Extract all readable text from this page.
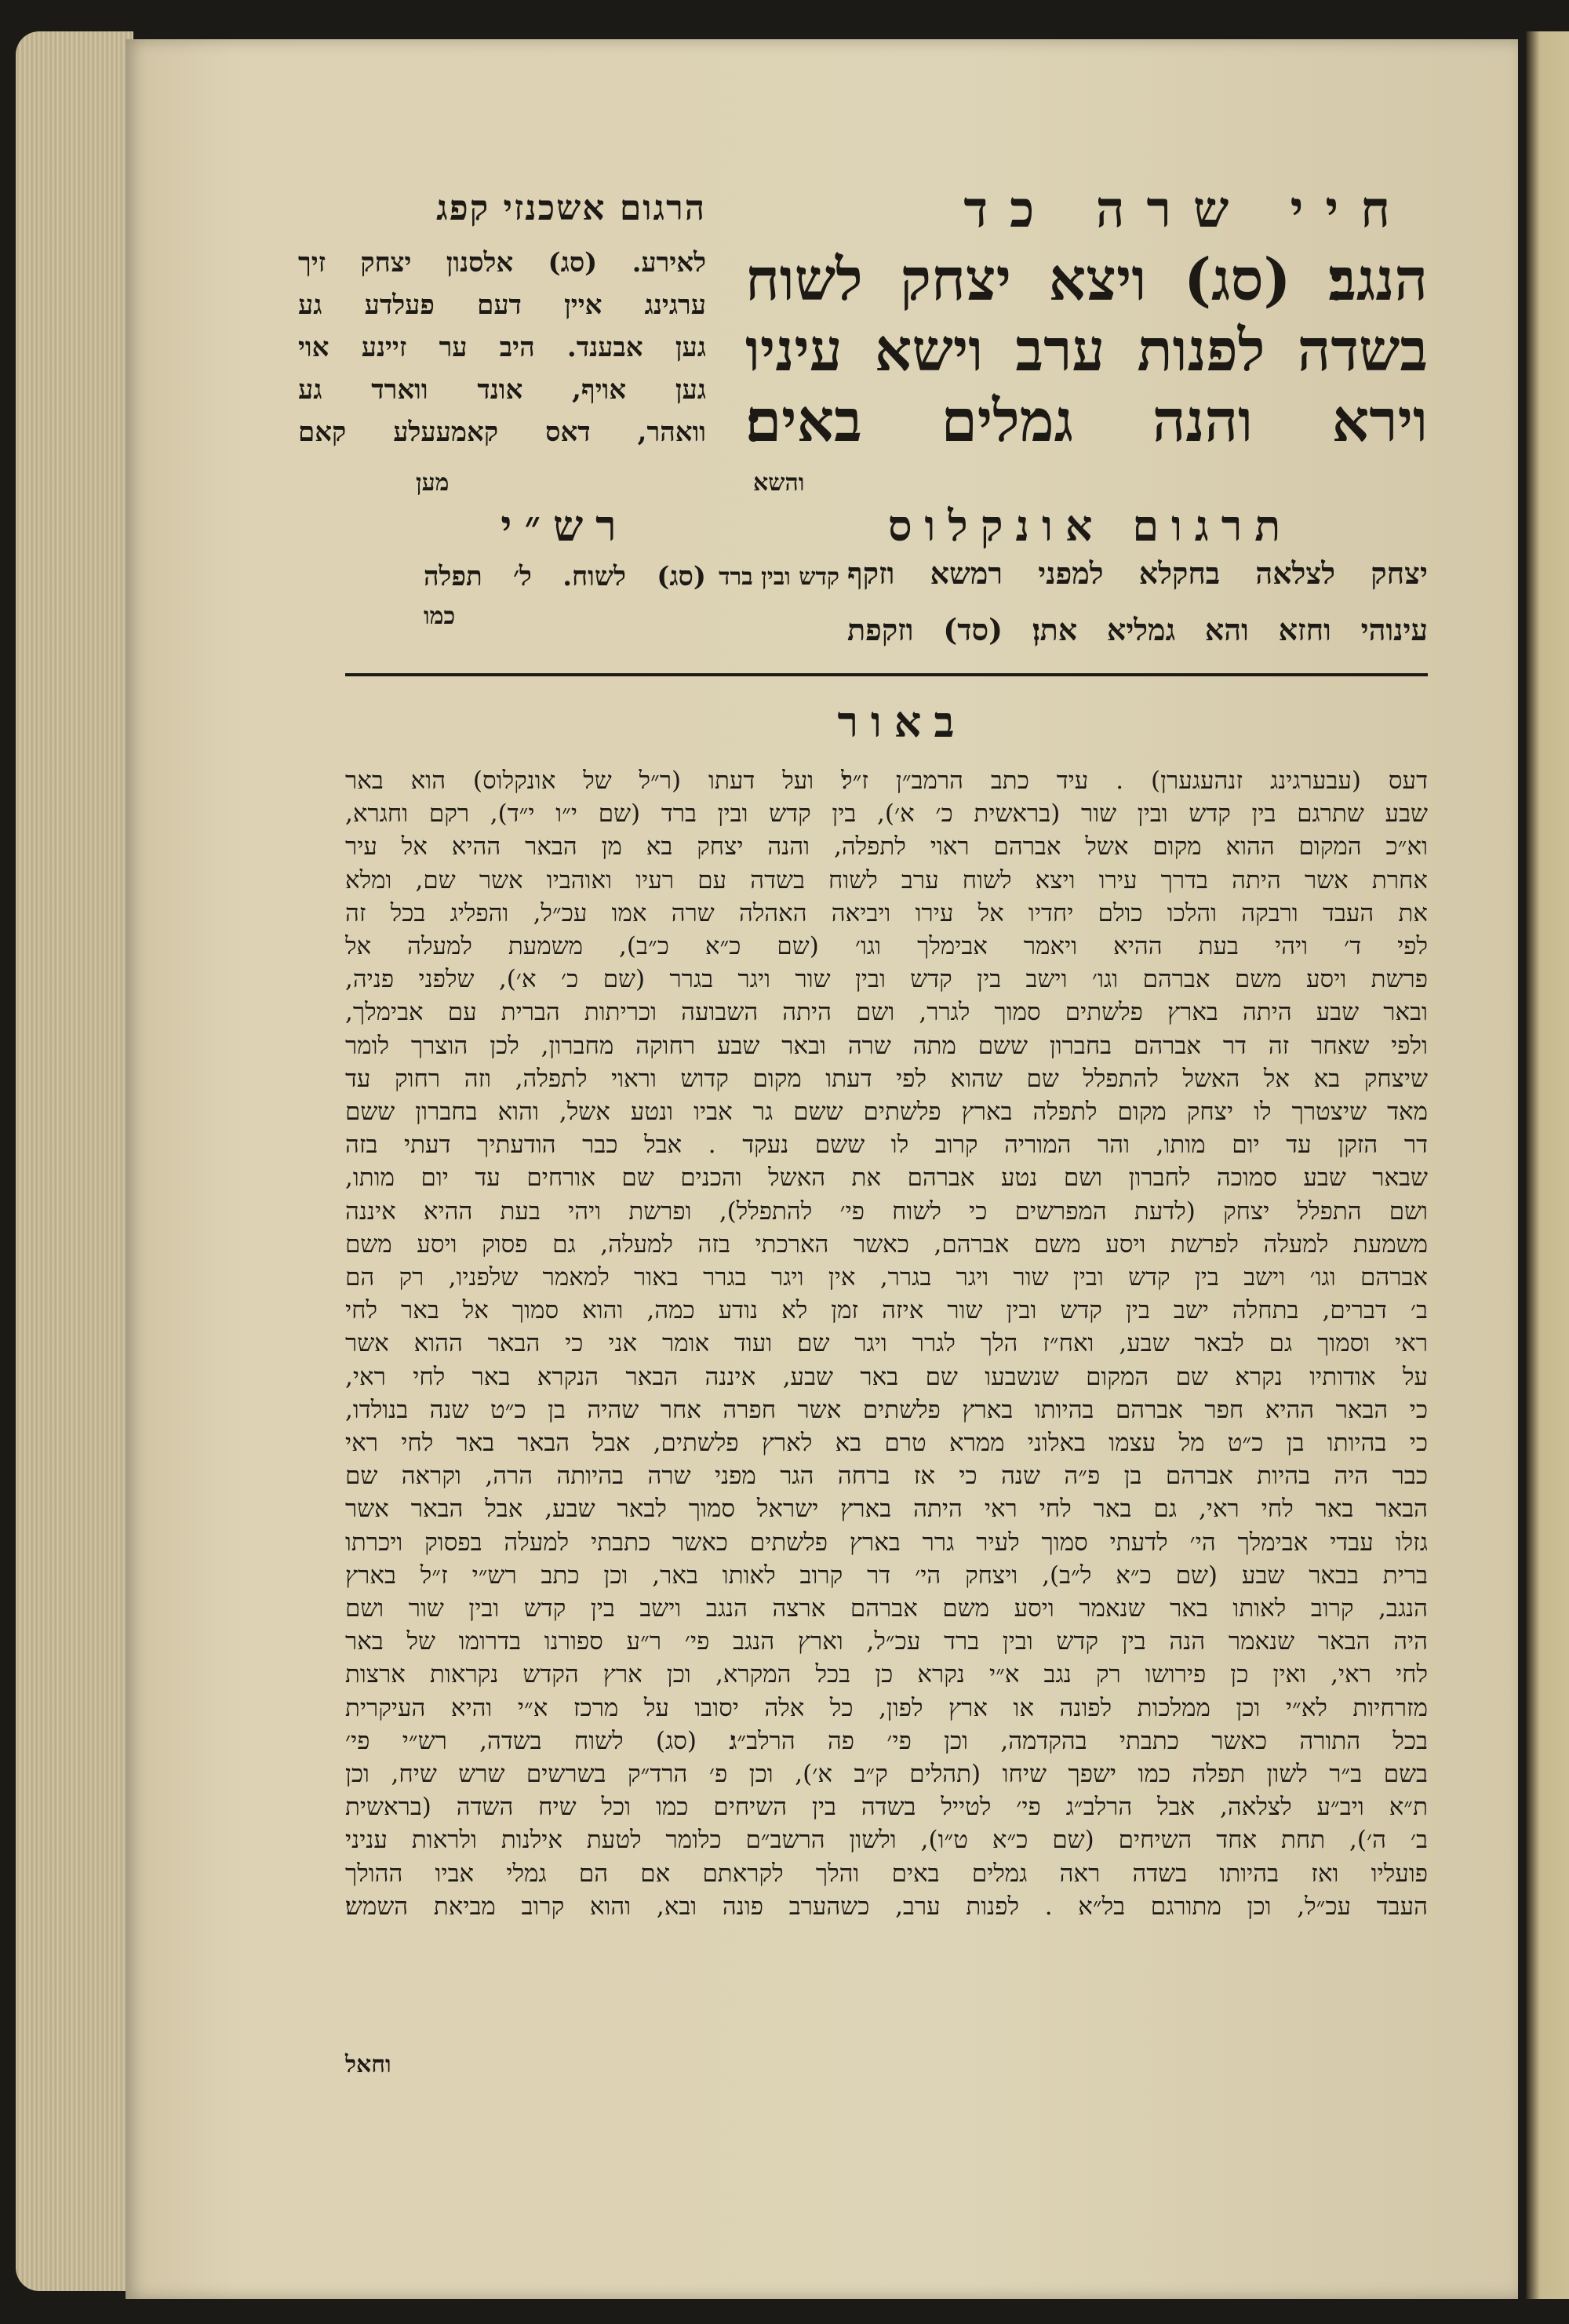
הרגום אשכנזי קפג	חיי שרה כד
הנגב׃ (סג) ויצא יצחק לשוח
בשדה לפנות ערב וישא עיניו
וירא והנה גמלים באים׃
לאירע. (סג) אלסנון יצחק זיך
ערגינג איין דעם פעלדע גע
גען אבענד. היב ער זיינע אוי
גען אויף, אונד ווארד גע
וואהר, דאס קאמעעלע קאם
מען	והשא
תרגום אונקלוס
יצחק לצלאה בחקלא למפני רמשא וזקף
עינוהי וחזא והא גמליא אתן׃ (סד) וזקפת
קדש ובין ברד
רש״י
(סג) לשוח. ל׳ תפלה
כמו
באור
דעס (עבערגינג זנהעגערן) . עיד כתב הרמב״ן ז״ל׃ ועל דעתו (ר״ל של אונקלוס) הוא באר
שבע שתרגם בין קדש ובין שור (בראשית כ׳ א׳), בין קדש ובין ברד (שם י״ו י״ד), רקם וחגרא,
וא״כ המקום ההוא מקום אשל אברהם ראוי לתפלה, והנה יצחק בא מן הבאר ההיא אל עיר
אחרת אשר היתה בדרך עירו ויצא לשוח ערב לשוח בשדה עם רעיו ואוהביו אשר שם, ומלא
את העבד ורבקה והלכו כולם יחדיו אל עירו ויביאה האהלה שרה אמו עכ״ל, והפליג בכל זה
לפי ד׳ ויהי בעת ההיא ויאמר אבימלך וגו׳ (שם כ״א כ״ב), משמעת למעלה אל
פרשת ויסע משם אברהם וגו׳ וישב בין קדש ובין שור ויגר בגרר (שם כ׳ א׳), שלפני פניה,
ובאר שבע היתה בארץ פלשתים סמוך לגרר, ושם היתה השבועה וכריתות הברית עם אבימלך,
ולפי שאחר זה דר אברהם בחברון ששם מתה שרה ובאר שבע רחוקה מחברון, לכן הוצרך לומר
שיצחק בא אל האשל להתפלל שם שהוא לפי דעתו מקום קדוש וראוי לתפלה, וזה רחוק עד
מאד שיצטרך לו יצחק מקום לתפלה בארץ פלשתים ששם גר אביו ונטע אשל, והוא בחברון ששם
דר הזקן עד יום מותו, והר המוריה קרוב לו ששם נעקד . אבל כבר הודעתיך דעתי בזה
שבאר שבע סמוכה לחברון ושם נטע אברהם את האשל והכנים שם אורחים עד יום מותו,
ושם התפלל יצחק (לדעת המפרשים כי לשוח פי׳ להתפלל), ופרשת ויהי בעת ההיא איננה
משמעת למעלה לפרשת ויסע משם אברהם, כאשר הארכתי בזה למעלה, גם פסוק ויסע משם
אברהם וגו׳ וישב בין קדש ובין שור ויגר בגרר, אין ויגר בגרר באור למאמר שלפניו, רק הם
ב׳ דברים, בתחלה ישב בין קדש ובין שור איזה זמן לא נודע כמה, והוא סמוך אל באר לחי
ראי וסמוך גם לבאר שבע, ואח״ז הלך לגרר ויגר שם׃ ועוד אומר אני כי הבאר ההוא אשר
על אודותיו נקרא שם המקום שנשבעו שם באר שבע, איננה הבאר הנקרא באר לחי ראי,
כי הבאר ההיא חפר אברהם בהיותו בארץ פלשתים אשר חפרה אחר שהיה בן כ״ט שנה בנולדו,
כי בהיותו בן כ״ט מל עצמו באלוני ממרא טרם בא לארץ פלשתים, אבל הבאר באר לחי ראי
כבר היה בהיות אברהם בן פ״ה שנה כי אז ברחה הגר מפני שרה בהיותה הרה, וקראה שם
הבאר באר לחי ראי, גם באר לחי ראי היתה בארץ ישראל סמוך לבאר שבע, אבל הבאר אשר
גזלו עבדי אבימלך הי׳ לדעתי סמוך לעיר גרר בארץ פלשתים כאשר כתבתי למעלה בפסוק ויכרתו
ברית בבאר שבע (שם כ״א ל״ב), ויצחק הי׳ דר קרוב לאותו באר, וכן כתב רש״י ז״ל בארץ
הנגב, קרוב לאותו באר שנאמר ויסע משם אברהם ארצה הנגב וישב בין קדש ובין שור ושם
היה הבאר שנאמר הנה בין קדש ובין ברד עכ״ל, וארץ הנגב פי׳ ר״ע ספורנו בדרומו של באר
לחי ראי, ואין כן פירושו רק נגב א״י נקרא כן בכל המקרא, וכן ארץ הקדש נקראות ארצות
מזרחיות לא״י וכן ממלכות לפונה או ארץ לפון, כל אלה יסובו על מרכז א״י והיא העיקרית
בכל התורה כאשר כתבתי בהקדמה, וכן פי׳ פה הרלב״ג׃ (סג) לשוח בשדה, רש״י פי׳
בשם ב״ר לשון תפלה כמו ישפך שיחו (תהלים ק״ב א׳), וכן פ׳ הרד״ק בשרשים שרש שיח, וכן
ת״א ויב״ע לצלאה, אבל הרלב״ג פי׳ לטייל בשדה בין השיחים כמו וכל שיח השדה (בראשית
ב׳ ה׳), תחת אחד השיחים (שם כ״א ט״ו), ולשון הרשב״ם כלומר לטעת אילנות ולראות עניני
פועליו ואז בהיותו בשדה ראה גמלים באים והלך לקראתם אם הם גמלי אביו ההולך
העבד עכ״ל, וכן מתורגם בל״א . לפנות ערב, כשהערב פונה ובא, והוא קרוב מביאת השמש׃
וחאל
